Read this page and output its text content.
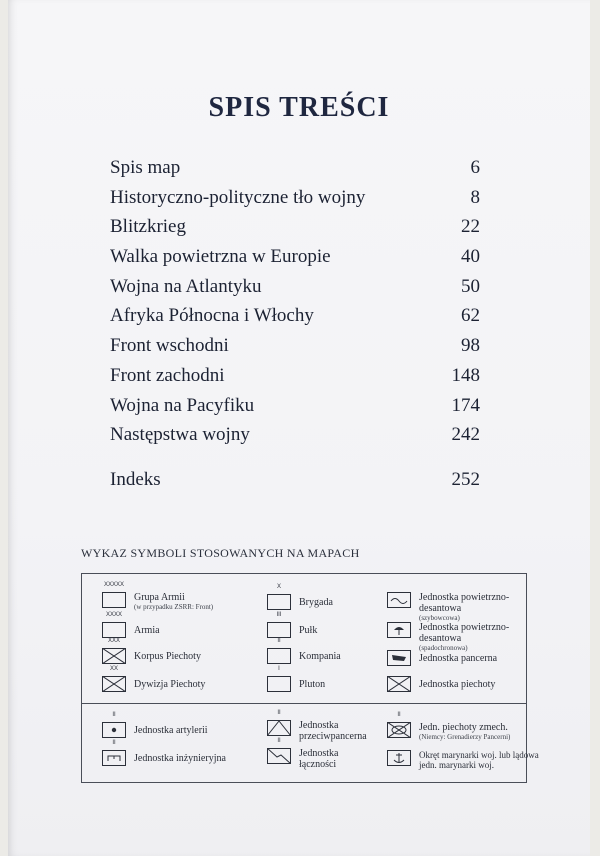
SPIS TREŚCI
Spis map	6
Historyczno-polityczne tło wojny	8
Blitzkrieg	22
Walka powietrzna w Europie	40
Wojna na Atlantyku	50
Afryka Północna i Włochy	62
Front wschodni	98
Front zachodni	148
Wojna na Pacyfiku	174
Następstwa wojny	242
Indeks	252
WYKAZ SYMBOLI STOSOWANYCH NA MAPACH
XXXXX
Grupa Armii
(w przypadku ZSRR: Front)
XXXX
Armia
XXX
Korpus Piechoty
XX
Dywizja Piechoty
X
Brygada
III
Pułk
II
Kompania
I
Pluton
Jednostka powietrzno-desantowa
(szybowcowa)
Jednostka powietrzno-desantowa
(spadochronowa)
Jednostka pancerna
Jednostka piechoty
II
Jednostka artylerii
II
Jednostka inżynieryjna
II
Jednostka przeciwpancerna
II
Jednostka łączności
II
Jedn. piechoty zmech.
(Niemcy: Grenadierzy Pancerni)
Okręt marynarki woj. lub lądowa jedn. marynarki woj.
